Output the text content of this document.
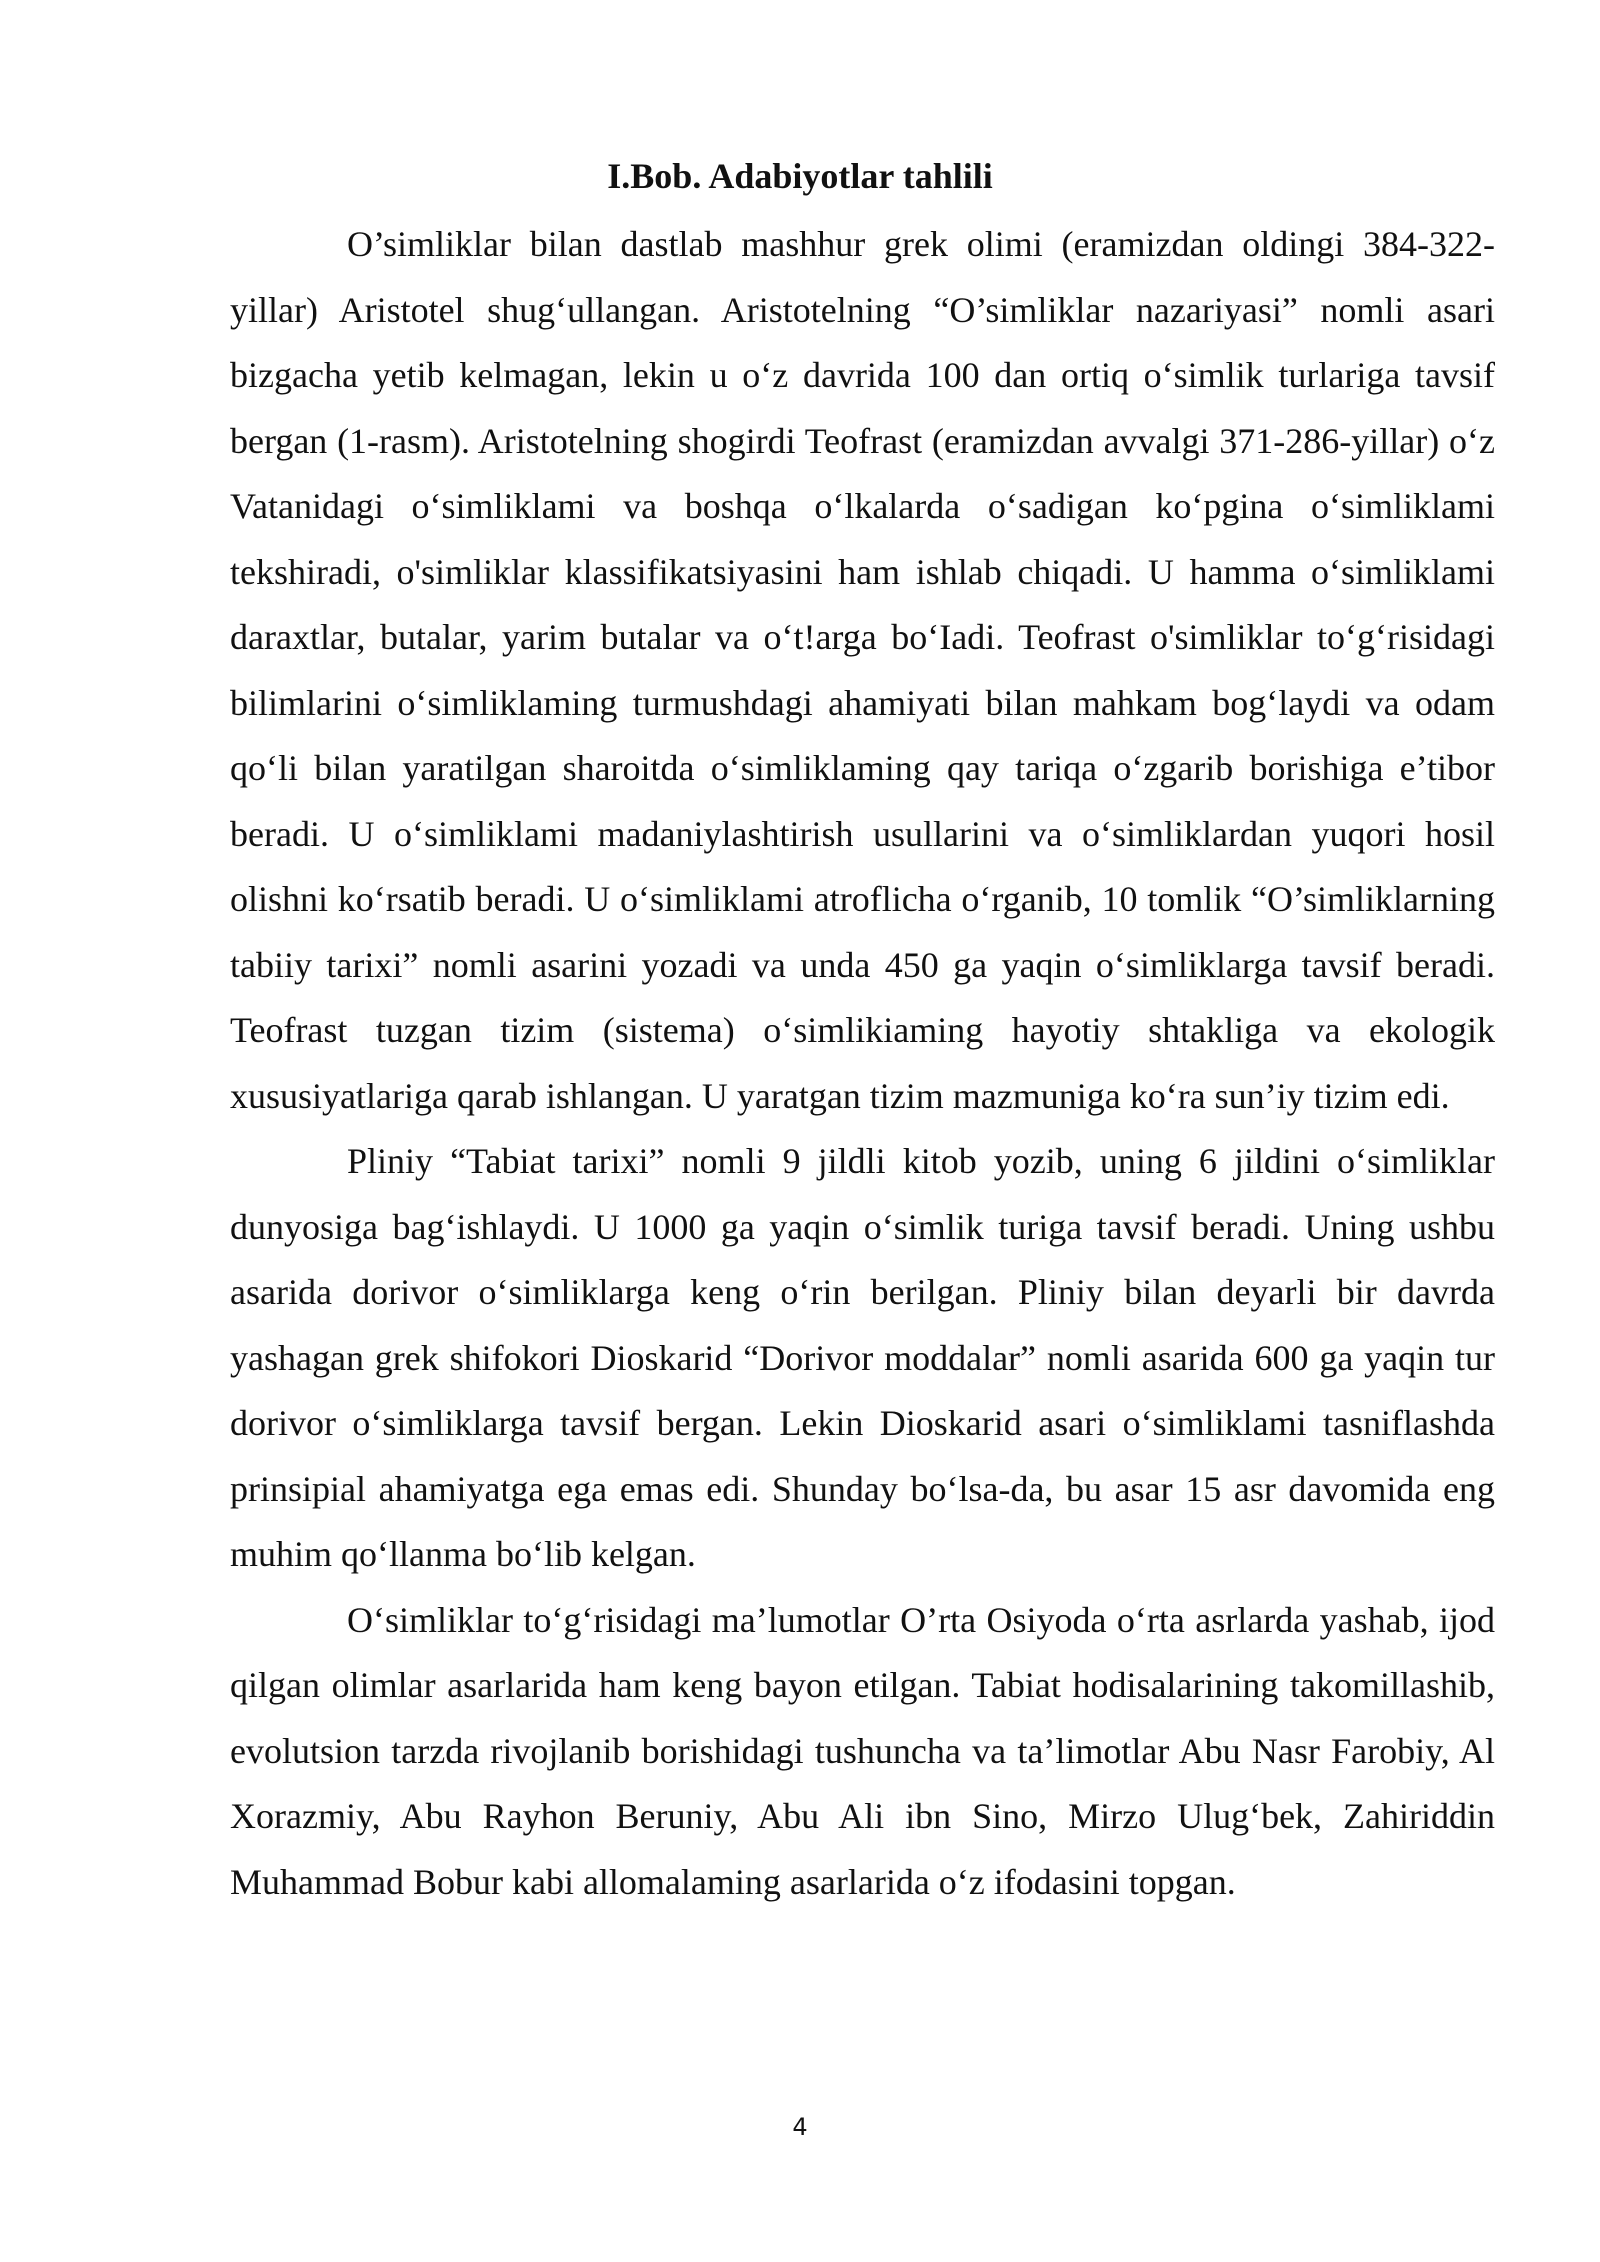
I.Bob. Adabiyotlar tahlili

O’simliklar bilan dastlab mashhur grek olimi (eramizdan oldingi 384-322-yillar) Aristotel shug‘ullangan. Aristotelning “O’simliklar nazariyasi” nomli asari bizgacha yetib kelmagan, lekin u o‘z davrida 100 dan ortiq o‘simlik turlariga tavsif bergan (1-rasm). Aristotelning shogirdi Teofrast (eramizdan avvalgi 371-286-yillar) o‘z Vatanidagi o‘simliklami va boshqa o‘lkalarda o‘sadigan ko‘pgina o‘simliklami tekshiradi, o'simliklar klassifikatsiyasini ham ishlab chiqadi. U hamma o‘simliklami daraxtlar, butalar, yarim butalar va o‘t!arga bo‘Iadi. Teofrast o'simliklar to‘g‘risidagi bilimlarini o‘simliklaming turmushdagi ahamiyati bilan mahkam bog‘laydi va odam qo‘li bilan yaratilgan sharoitda o‘simliklaming qay tariqa o‘zgarib borishiga e’tibor beradi. U o‘simliklami madaniylashtirish usullarini va o‘simliklardan yuqori hosil olishni ko‘rsatib beradi. U o‘simliklami atroflicha o‘rganib, 10 tomlik “O’simliklarning tabiiy tarixi” nomli asarini yozadi va unda 450 ga yaqin o‘simliklarga tavsif beradi. Teofrast tuzgan tizim (sistema) o‘simlikiaming hayotiy shtakliga va ekologik xususiyatlariga qarab ishlangan. U yaratgan tizim mazmuniga ko‘ra sun’iy tizim edi.

Pliniy “Tabiat tarixi” nomli 9 jildli kitob yozib, uning 6 jildini o‘simliklar dunyosiga bag‘ishlaydi. U 1000 ga yaqin o‘simlik turiga tavsif beradi. Uning ushbu asarida dorivor o‘simliklarga keng o‘rin berilgan. Pliniy bilan deyarli bir davrda yashagan grek shifokori Dioskarid “Dorivor moddalar” nomli asarida 600 ga yaqin tur dorivor o‘simliklarga tavsif bergan. Lekin Dioskarid asari o‘simliklami tasniflashda prinsipial ahamiyatga ega emas edi. Shunday bo‘lsa-da, bu asar 15 asr davomida eng muhim qo‘llanma bo‘lib kelgan.

O‘simliklar to‘g‘risidagi ma’lumotlar O’rta Osiyoda o‘rta asrlarda yashab, ijod qilgan olimlar asarlarida ham keng bayon etilgan. Tabiat hodisalarining takomillashib, evolutsion tarzda rivojlanib borishidagi tushuncha va ta’limotlar Abu Nasr Farobiy, Al Xorazmiy, Abu Rayhon Beruniy, Abu Ali ibn Sino, Mirzo Ulug‘bek, Zahiriddin Muhammad Bobur kabi allomalaming asarlarida o‘z ifodasini topgan.

4
